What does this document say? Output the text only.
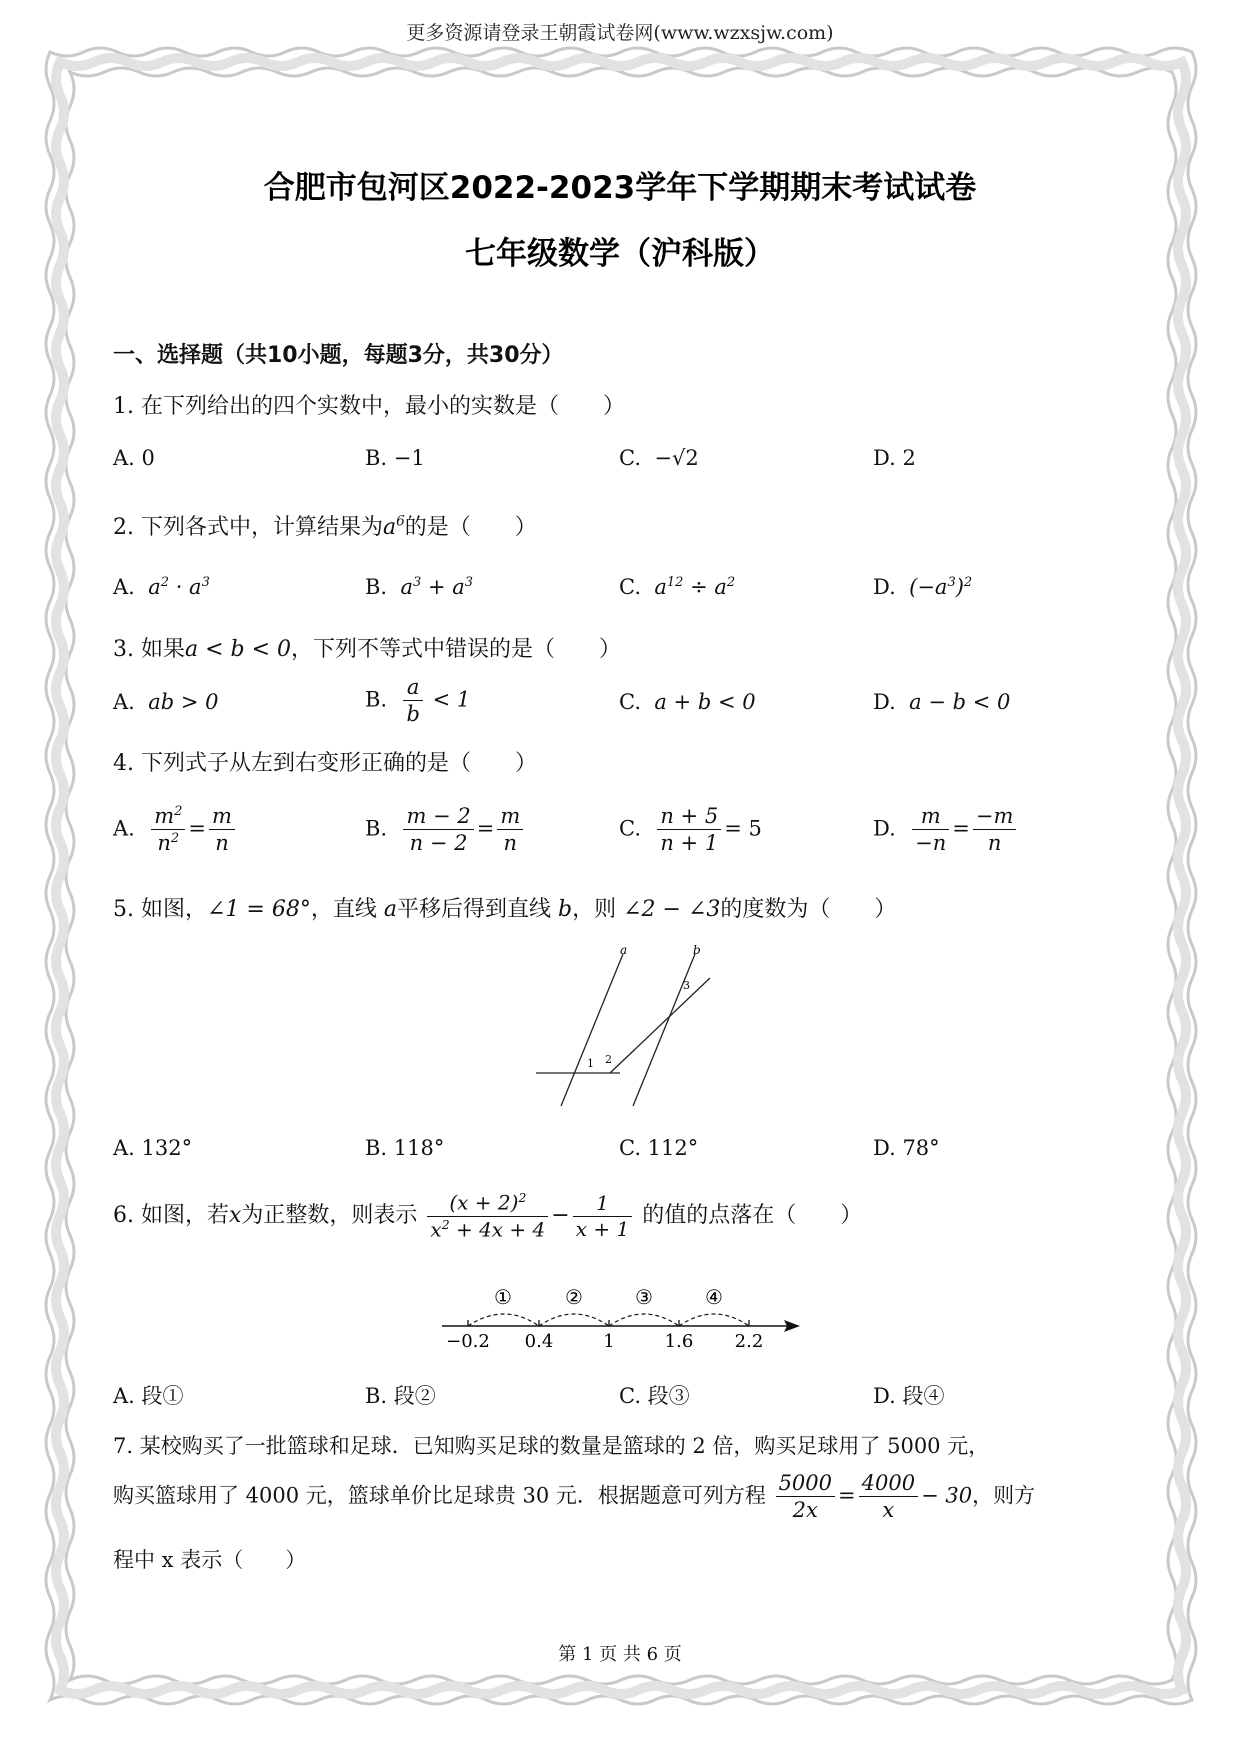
更多资源请登录王朝霞试卷网(www.wzxsjw.com)
合肥市包河区2022-2023学年下学期期末考试试卷
七年级数学（沪科版）
一、选择题（共10小题，每题3分，共30分）
1. 在下列给出的四个实数中，最小的实数是（　　）
A. 0	B. −1	C. −√2	D. 2
2. 下列各式中，计算结果为$a^6$的是（　　）
A. $a^2 \cdot a^3$	B. $a^3 + a^3$	C. $a^{12} \div a^2$	D. $(-a^3)^2$
3. 如果a < b < 0，下列不等式中错误的是（　　）
A. ab > 0	B. $\frac{a}{b} < 1$	C. a + b < 0	D. a − b < 0
4. 下列式子从左到右变形正确的是（　　）
A. $\frac{m^2}{n^2} = \frac{m}{n}$	B. $\frac{m - 2}{n - 2} = \frac{m}{n}$	C. $\frac{n + 5}{n + 1} = 5$	D. $\frac{m}{-n} = \frac{-m}{n}$
5. 如图，∠1 = 68°，直线 a平移后得到直线 b，则 ∠2 − ∠3的度数为（　　）
a	b
1 2
3
A. 132°	B. 118°	C. 112°	D. 78°
6. 如图，若x为正整数，则表示 $\frac{(x + 2)^2}{x^2 + 4x + 4} - \frac{1}{x + 1}$ 的值的点落在（　　）
①	②	③	④
−0.2 0.4	1	1.6 2.2
A. 段①	B. 段②	C. 段③	D. 段④
7. 某校购买了一批篮球和足球．已知购买足球的数量是篮球的 2 倍，购买足球用了 5000 元，
购买篮球用了 4000 元，篮球单价比足球贵 30 元．根据题意可列方程 $\frac{5000}{2x} = \frac{4000}{x} - 30$，则方
程中 x 表示（　　）
第 1 页 共 6 页
